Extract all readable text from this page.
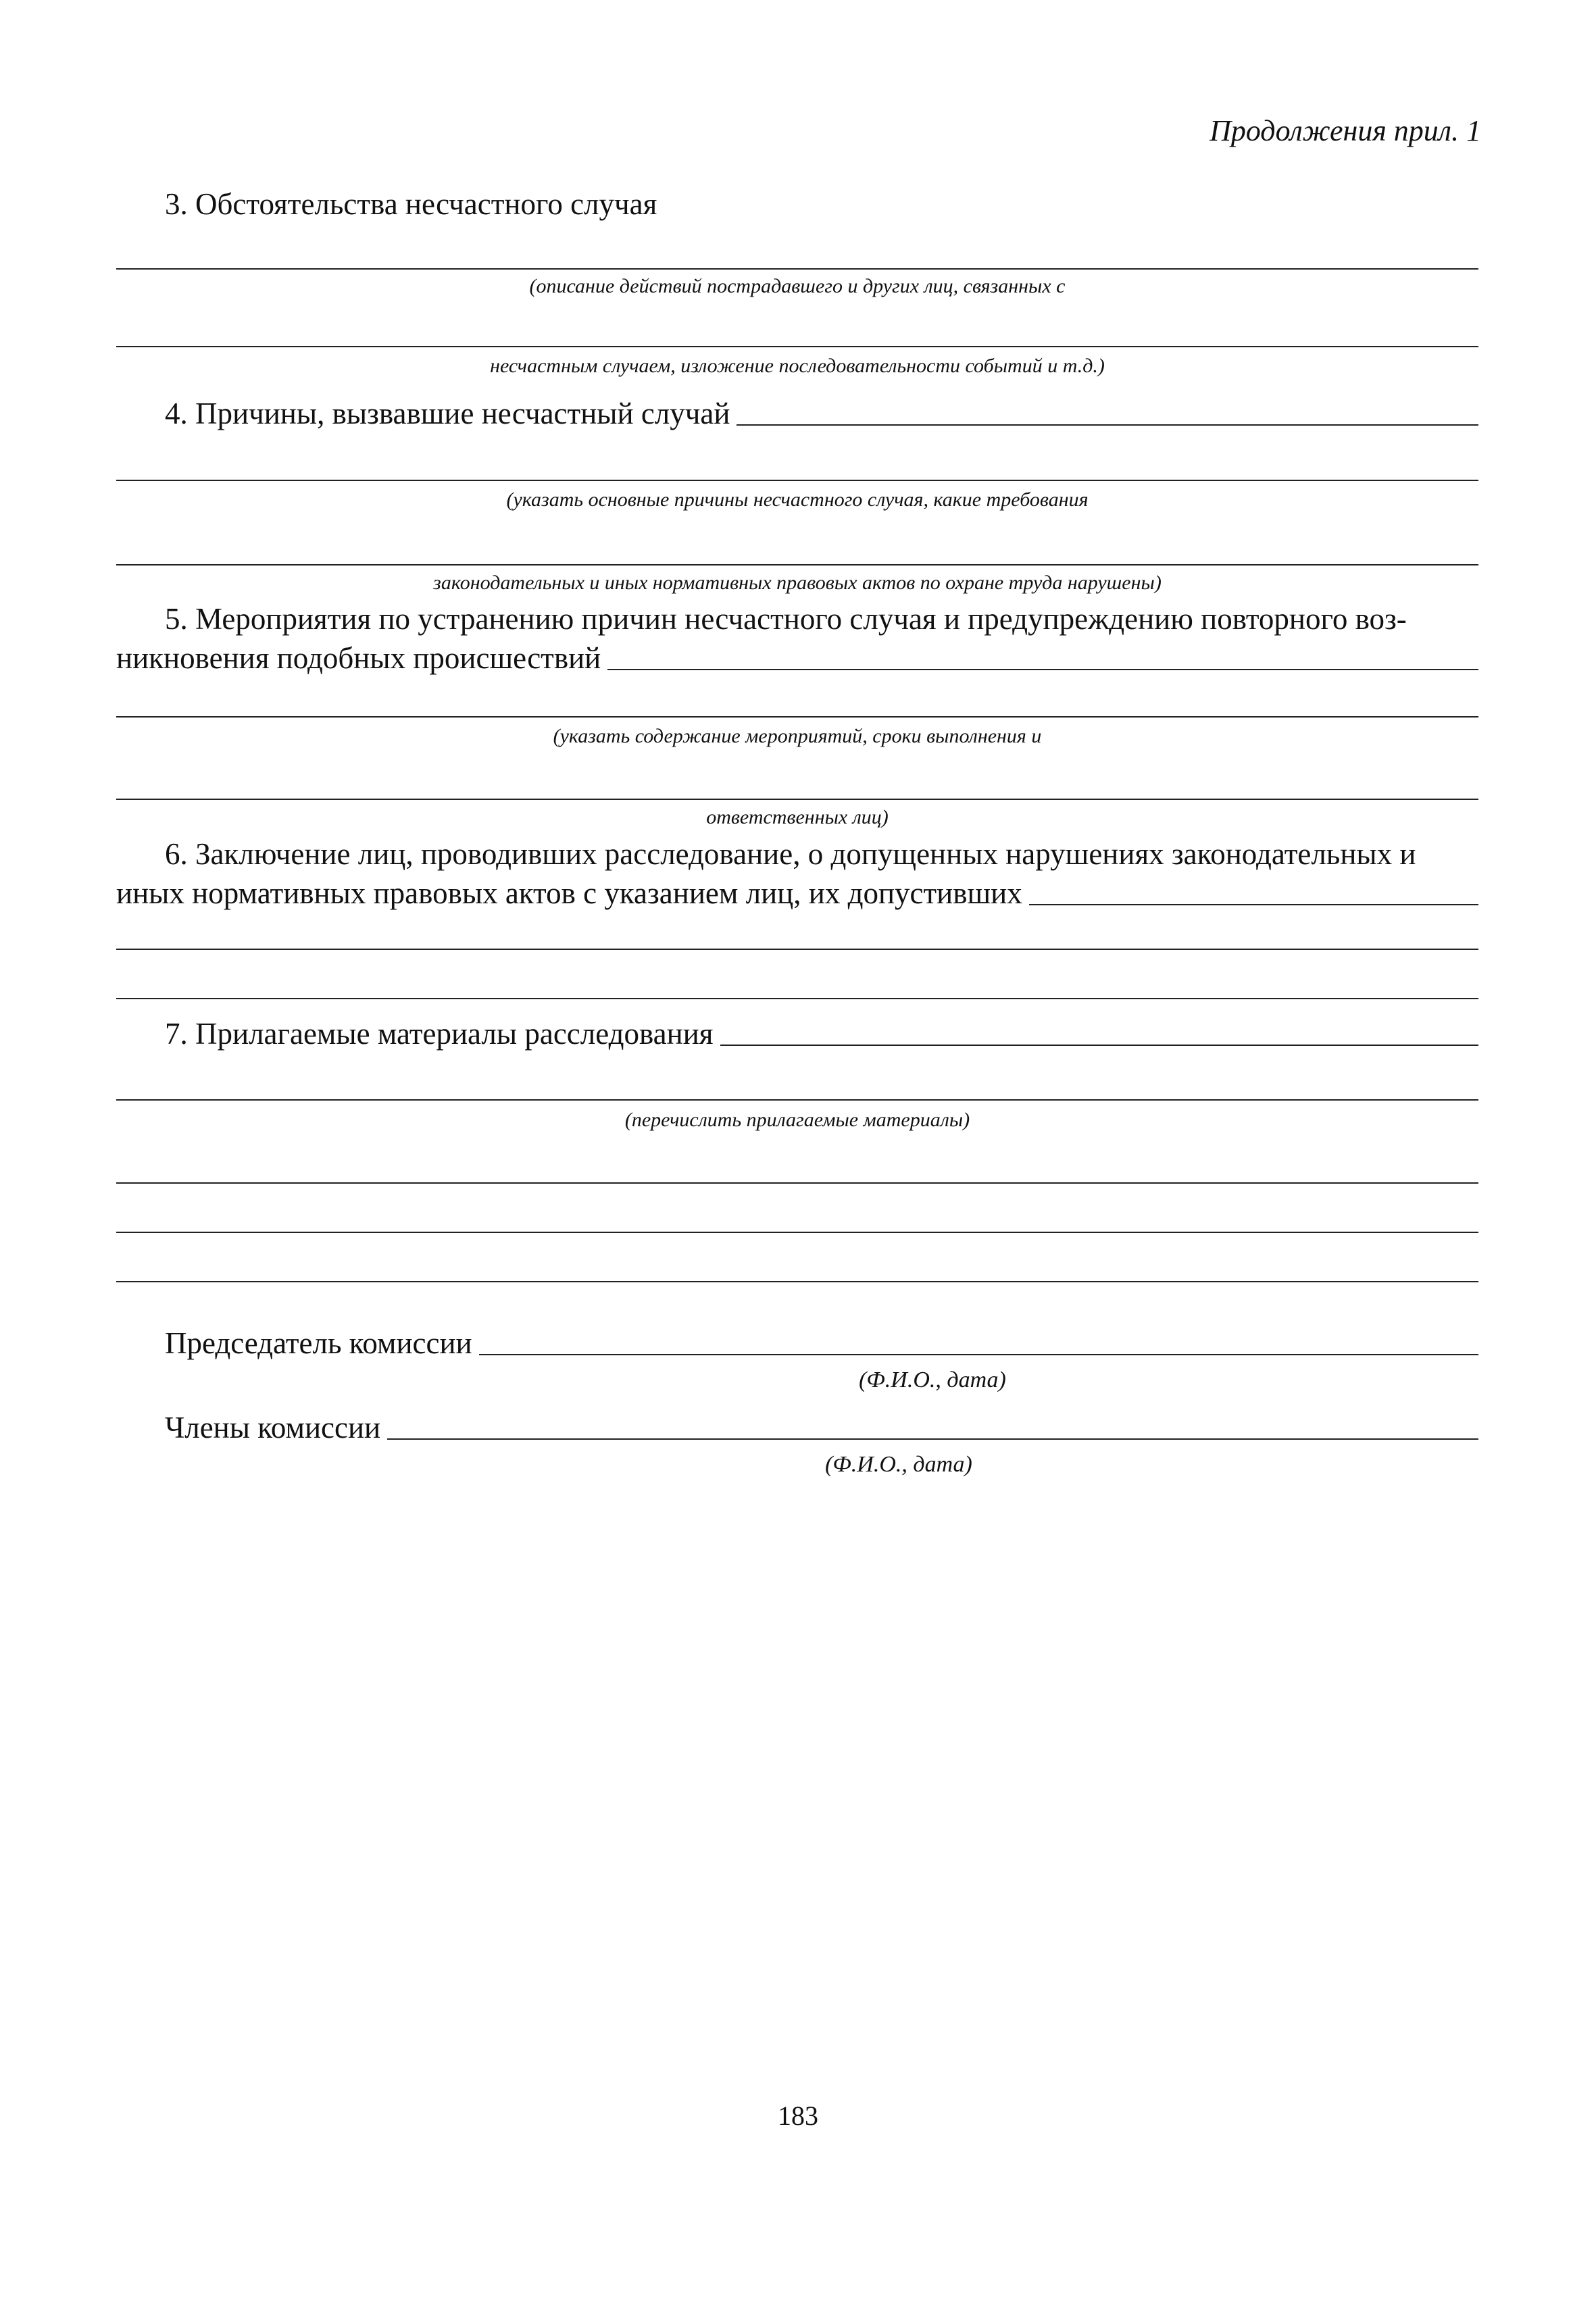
Продолжения прил. 1
3. Обстоятельства несчастного случая
(описание действий пострадавшего и других лиц, связанных с
несчастным случаем, изложение последовательности событий и т.д.)
4. Причины, вызвавшие несчастный случай
(указать основные причины несчастного случая, какие требования
законодательных и иных нормативных правовых актов по охране труда нарушены)
5. Мероприятия по устранению причин несчастного случая и предупреждению повторного воз-
никновения подобных происшествий
(указать содержание мероприятий, сроки выполнения и
ответственных лиц)
6. Заключение лиц, проводивших расследование, о допущенных нарушениях законодательных и
иных нормативных правовых актов с указанием лиц, их допустивших
7. Прилагаемые материалы расследования
(перечислить прилагаемые материалы)
Председатель комиссии
(Ф.И.О., дата)
Члены комиссии
(Ф.И.О., дата)
183
